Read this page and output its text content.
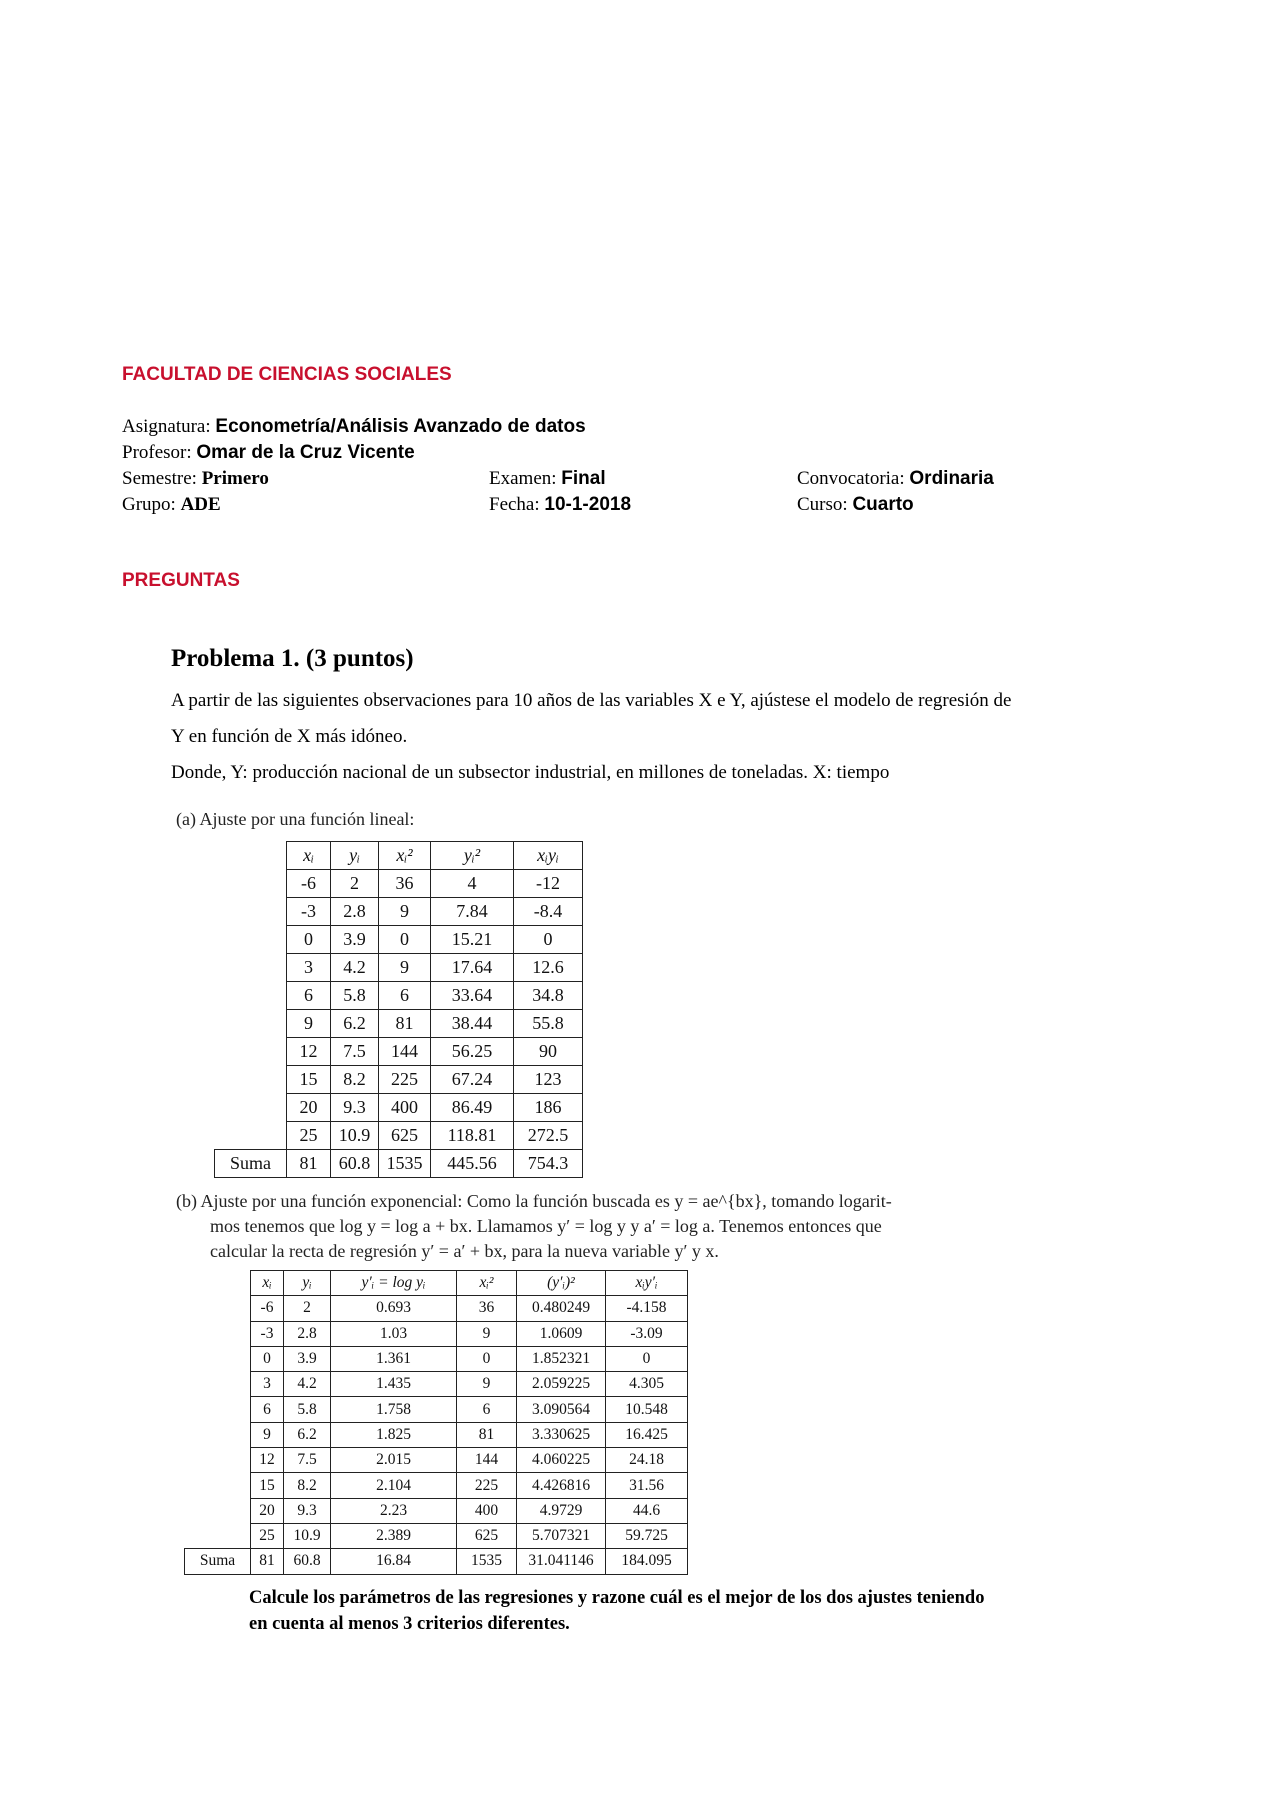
FACULTAD DE CIENCIAS SOCIALES
Asignatura: Econometría/Análisis Avanzado de datos
Profesor: Omar de la Cruz Vicente
Semestre: Primero	Examen: Final	Convocatoria: Ordinaria
Grupo: ADE	Fecha: 10-1-2018	Curso: Cuarto
PREGUNTAS
Problema 1. (3 puntos)
A partir de las siguientes observaciones para 10 años de las variables X e Y, ajústese el modelo de regresión de
Y en función de X más idóneo.
Donde, Y: producción nacional de un subsector industrial, en millones de toneladas. X: tiempo
(a) Ajuste por una función lineal:
	xᵢ	yᵢ	xᵢ²	yᵢ²	xᵢyᵢ
	-6	2	36	4	-12
	-3	2.8	9	7.84	-8.4
	0	3.9	0	15.21	0
	3	4.2	9	17.64	12.6
	6	5.8	6	33.64	34.8
	9	6.2	81	38.44	55.8
	12	7.5	144	56.25	90
	15	8.2	225	67.24	123
	20	9.3	400	86.49	186
	25	10.9	625	118.81	272.5
Suma	81	60.8	1535	445.56	754.3
(b) Ajuste por una función exponencial: Como la función buscada es y = ae^{bx}, tomando logarit-
mos tenemos que log y = log a + bx. Llamamos y′ = log y y a′ = log a. Tenemos entonces que
calcular la recta de regresión y′ = a′ + bx, para la nueva variable y′ y x.
	xᵢ	yᵢ	y′ᵢ = log yᵢ	xᵢ²	(y′ᵢ)²	xᵢy′ᵢ
	-6	2	0.693	36	0.480249	-4.158
	-3	2.8	1.03	9	1.0609	-3.09
	0	3.9	1.361	0	1.852321	0
	3	4.2	1.435	9	2.059225	4.305
	6	5.8	1.758	6	3.090564	10.548
	9	6.2	1.825	81	3.330625	16.425
	12	7.5	2.015	144	4.060225	24.18
	15	8.2	2.104	225	4.426816	31.56
	20	9.3	2.23	400	4.9729	44.6
	25	10.9	2.389	625	5.707321	59.725
Suma	81	60.8	16.84	1535	31.041146	184.095
Calcule los parámetros de las regresiones y razone cuál es el mejor de los dos ajustes teniendo
en cuenta al menos 3 criterios diferentes.
